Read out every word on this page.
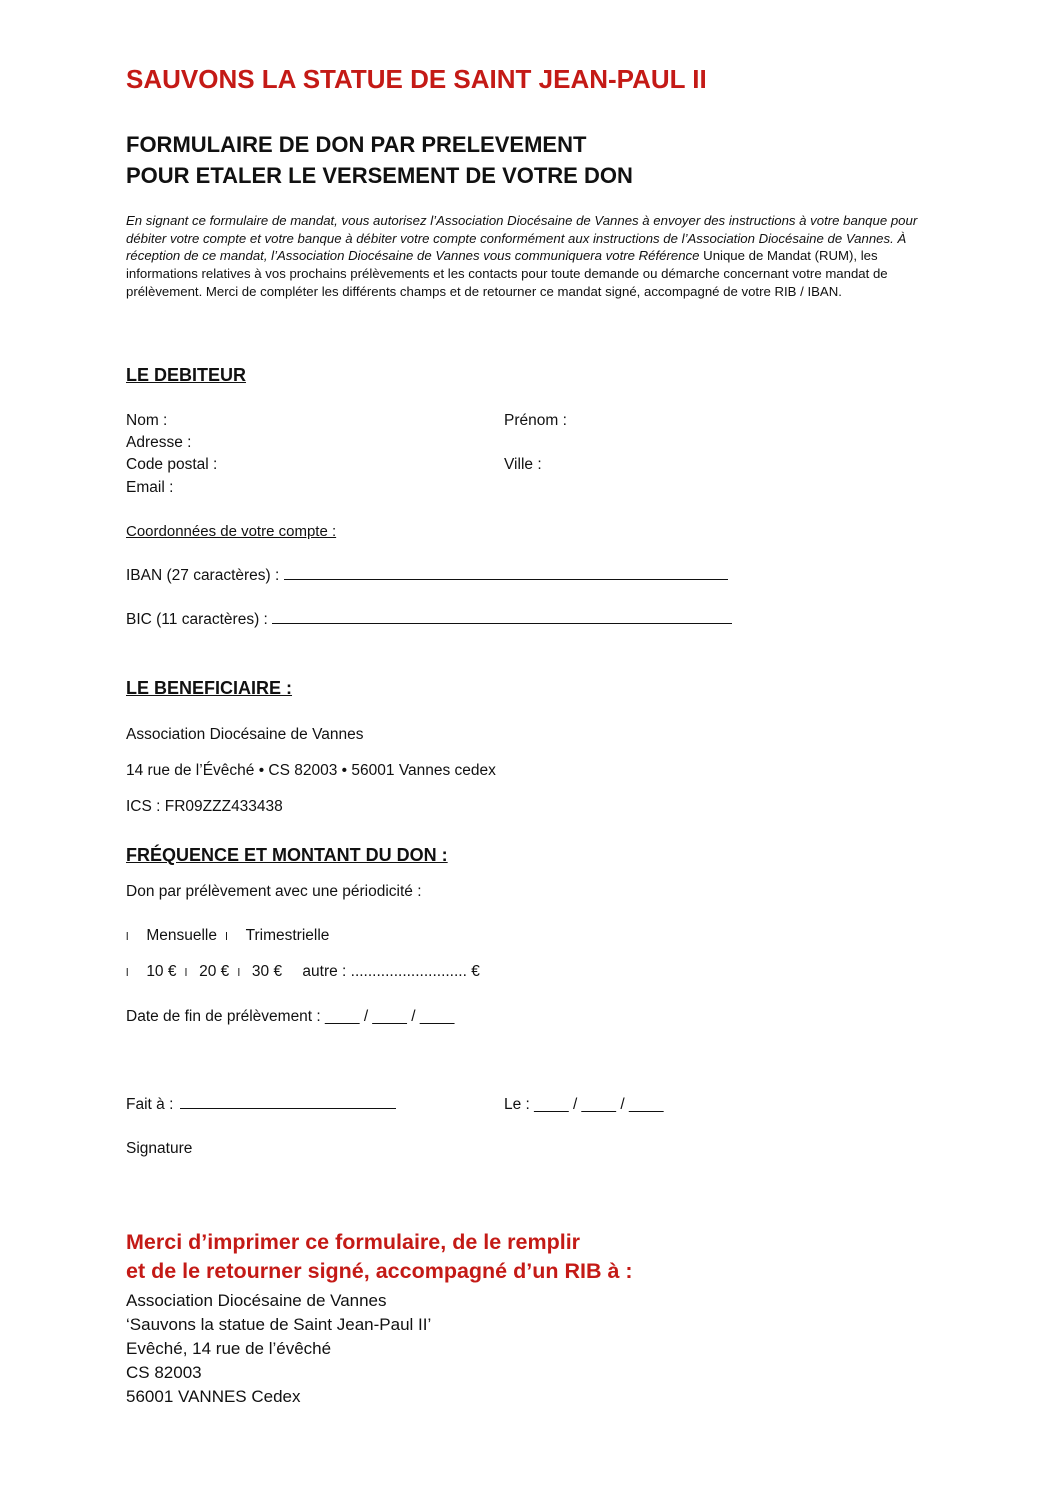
SAUVONS LA STATUE DE SAINT JEAN-PAUL II
FORMULAIRE DE DON PAR PRELEVEMENT
POUR ETALER LE VERSEMENT DE VOTRE DON
En signant ce formulaire de mandat, vous autorisez l’Association Diocésaine de Vannes à envoyer des instructions à votre banque pour débiter votre compte et votre banque à débiter votre compte conformément aux instructions de l’Association Diocésaine de Vannes. À réception de ce mandat, l’Association Diocésaine de Vannes vous communiquera votre Référence Unique de Mandat (RUM), les informations relatives à vos prochains prélèvements et les contacts pour toute demande ou démarche concernant votre mandat de prélèvement. Merci de compléter les différents champs et de retourner ce mandat signé, accompagné de votre RIB / IBAN.
LE DEBITEUR
Nom :	Prénom :
Adresse :
Code postal :	Ville :
Email :
Coordonnées de votre compte :
IBAN (27 caractères) :
BIC (11 caractères) :
LE BENEFICIAIRE :
Association Diocésaine de Vannes
14 rue de l’Évêché • CS 82003 • 56001 Vannes cedex
ICS : FR09ZZZ433438
FRÉQUENCE ET MONTANT DU DON :
Don par prélèvement avec une périodicité :
l Mensuelle l Trimestrielle
l 10 € l 20 € l 30 € autre : ........................... €
Date de fin de prélèvement : ____ / ____ / ____
Fait à :	Le : ____ / ____ / ____
Signature
Merci d’imprimer ce formulaire, de le remplir
et de le retourner signé, accompagné d’un RIB à :
Association Diocésaine de Vannes
‘Sauvons la statue de Saint Jean-Paul II’
Evêché, 14 rue de l’évêché
CS 82003
56001 VANNES Cedex
